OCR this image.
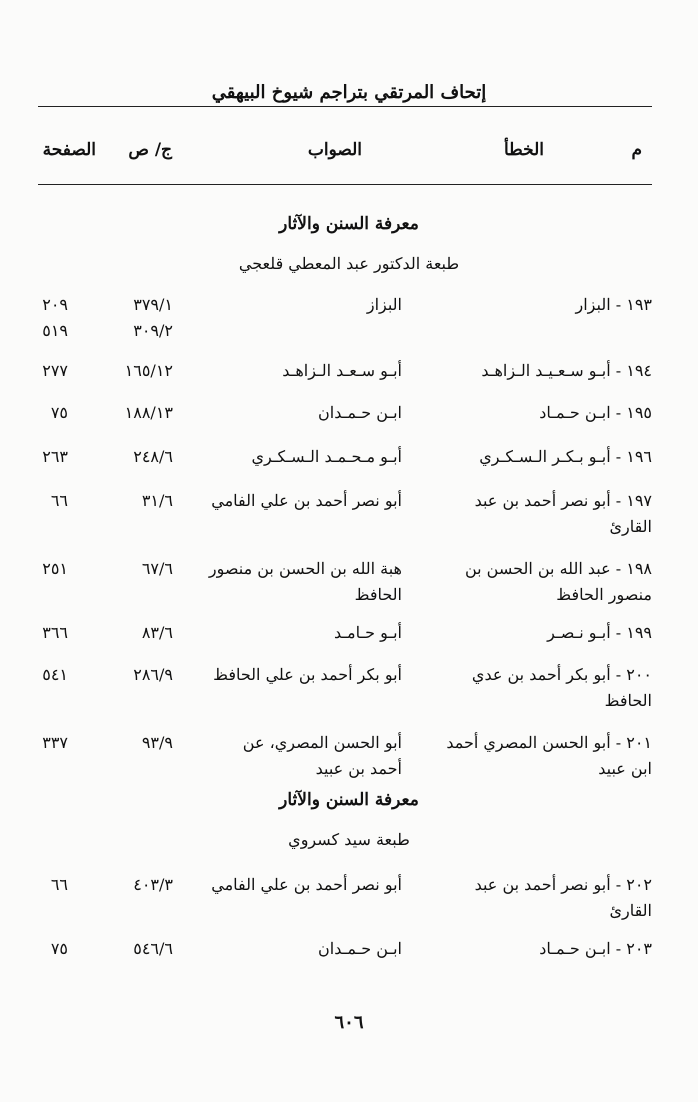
إتحاف المرتقي بتراجم شيوخ البيهقي
م
الخطأ
الصواب
ج/ ص
الصفحة
معرفة السنن والآثار
طبعة الدكتور عبد المعطي قلعجي
١٩٣ - البزار
البزاز
٣٧٩/١
٣٠٩/٢
٢٠٩
٥١٩
١٩٤ - أبـو سـعـيـد الـزاهـد
أبـو سـعـد الـزاهـد
١٦٥/١٢
٢٧٧
١٩٥ - ابـن حـمـاد
ابـن حـمـدان
١٨٨/١٣
٧٥
١٩٦ - أبـو بـكـر الـسـكـري
أبـو مـحـمـد الـسـكـري
٢٤٨/٦
٢٦٣
١٩٧ - أبو نصر أحمد بن عبد
القارئ
أبو نصر أحمد بن علي الفامي
٣١/٦
٦٦
١٩٨ - عبد الله بن الحسن بن
منصور الحافظ
هبة الله بن الحسن بن منصور
الحافظ
٦٧/٦
٢٥١
١٩٩ - أبـو نـصـر
أبـو حـامـد
٨٣/٦
٣٦٦
٢٠٠ - أبو بكر أحمد بن عدي
الحافظ
أبو بكر أحمد بن علي الحافظ
٢٨٦/٩
٥٤١
٢٠١ - أبو الحسن المصري أحمد
ابن عبيد
أبو الحسن المصري، عن
أحمد بن عبيد
٩٣/٩
٣٣٧
معرفة السنن والآثار
طبعة سيد كسروي
٢٠٢ - أبو نصر أحمد بن عبد
القارئ
أبو نصر أحمد بن علي الفامي
٤٠٣/٣
٦٦
٢٠٣ - ابـن حـمـاد
ابـن حـمـدان
٥٤٦/٦
٧٥
٦٠٦
